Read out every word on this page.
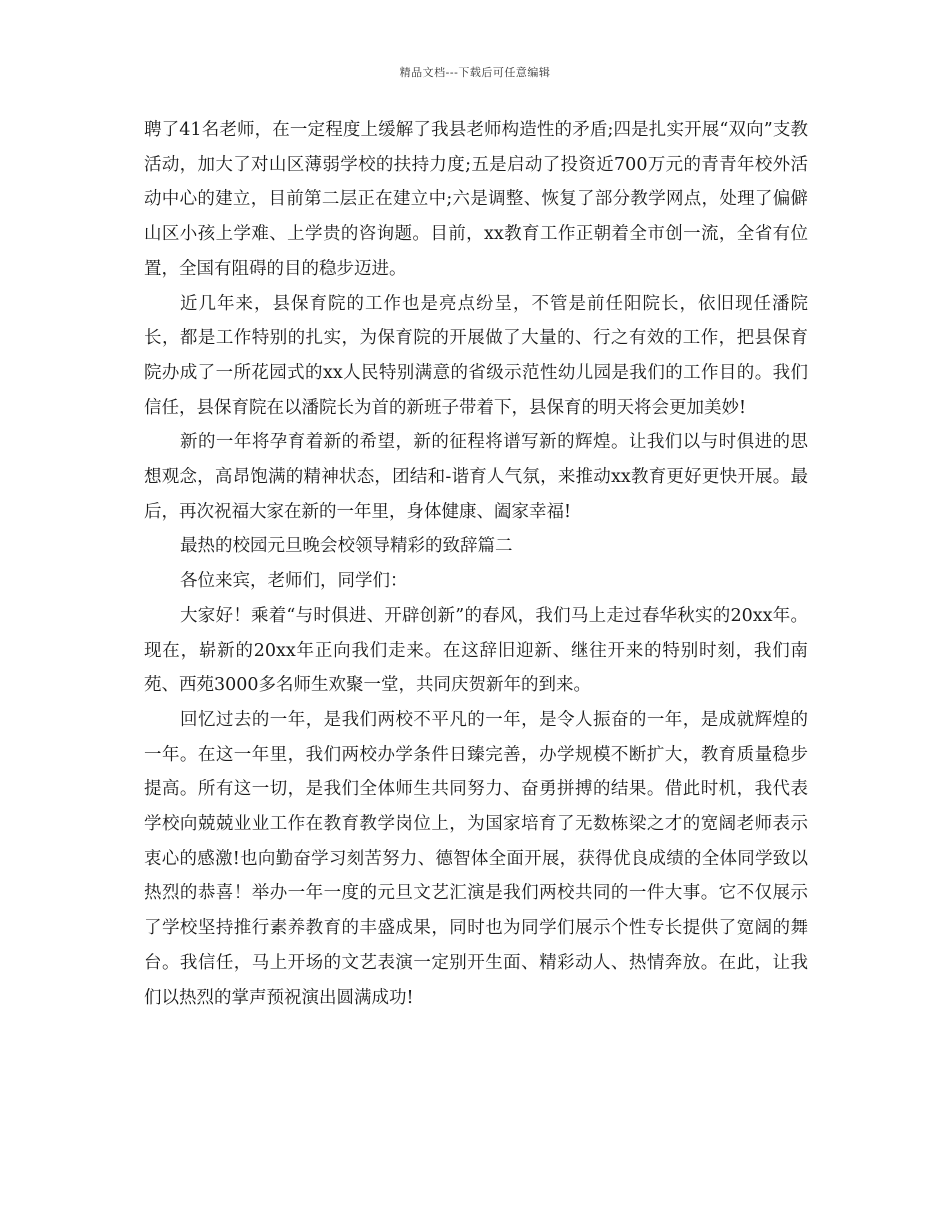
精品文档---下载后可任意编辑

聘了41名老师，在一定程度上缓解了我县老师构造性的矛盾;四是扎实开展“双向”支教活动，加大了对山区薄弱学校的扶持力度;五是启动了投资近700万元的青青年校外活动中心的建立，目前第二层正在建立中;六是调整、恢复了部分教学网点，处理了偏僻山区小孩上学难、上学贵的咨询题。目前，xx教育工作正朝着全市创一流，全省有位置，全国有阻碍的目的稳步迈进。

近几年来，县保育院的工作也是亮点纷呈，不管是前任阳院长，依旧现任潘院长，都是工作特别的扎实，为保育院的开展做了大量的、行之有效的工作，把县保育院办成了一所花园式的xx人民特别满意的省级示范性幼儿园是我们的工作目的。我们信任，县保育院在以潘院长为首的新班子带着下，县保育的明天将会更加美妙!

新的一年将孕育着新的希望，新的征程将谱写新的辉煌。让我们以与时俱进的思想观念，高昂饱满的精神状态，团结和-谐育人气氛，来推动xx教育更好更快开展。最后，再次祝福大家在新的一年里，身体健康、阖家幸福!

最热的校园元旦晚会校领导精彩的致辞篇二

各位来宾，老师们，同学们：

大家好！乘着“与时俱进、开辟创新”的春风，我们马上走过春华秋实的20xx年。现在，崭新的20xx年正向我们走来。在这辞旧迎新、继往开来的特别时刻，我们南苑、西苑3000多名师生欢聚一堂，共同庆贺新年的到来。

回忆过去的一年，是我们两校不平凡的一年，是令人振奋的一年，是成就辉煌的一年。在这一年里，我们两校办学条件日臻完善，办学规模不断扩大，教育质量稳步提高。所有这一切，是我们全体师生共同努力、奋勇拼搏的结果。借此时机，我代表学校向兢兢业业工作在教育教学岗位上，为国家培育了无数栋梁之才的宽阔老师表示衷心的感激!也向勤奋学习刻苦努力、德智体全面开展，获得优良成绩的全体同学致以热烈的恭喜！举办一年一度的元旦文艺汇演是我们两校共同的一件大事。它不仅展示了学校坚持推行素养教育的丰盛成果，同时也为同学们展示个性专长提供了宽阔的舞台。我信任，马上开场的文艺表演一定别开生面、精彩动人、热情奔放。在此，让我们以热烈的掌声预祝演出圆满成功!
